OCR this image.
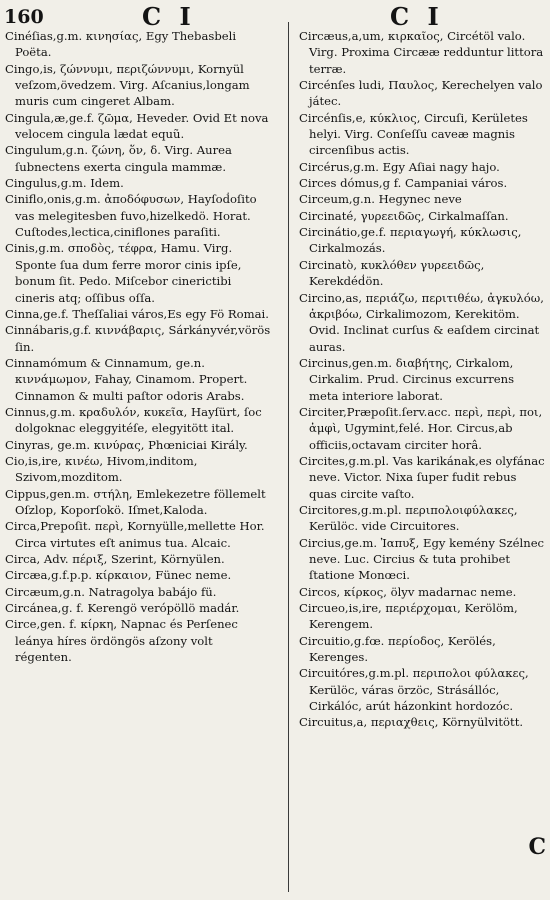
160	C I	C I
Cinéſias,g.m. κινησίας, Egy Thebasbeli Poëta.
Cingo,is, ζώννυμι, περιζώννυμι, Kornyül veſzom,övedzem. Virg. Aſcanius,longam muris cum cingeret Albam.
Cingula,æ,ge.f. ζῶμα, Heveder. Ovid Et nova velocem cingula lædat equũ.
Cingulum,g.n. ζώνη, ὅν, δ. Virg. Aurea ſubnectens exerta cingula mammæ.
Cingulus,g.m. Idem.
Ciniflo,onis,g.m. ἀποδόφυσων, Hayſoḋoſito vas melegitesben fuvo,hizelkedö. Horat. Cuſtodes,lectica,ciniflones paraſiti.
Cinis,g.m. σποδὸς, τέφρα, Hamu. Virg. Sponte ſua dum ferre moror cinis ipſe, bonum ſit. Pedo. Miſcebor cinerictibi cineris atq; oſſibus oſſa.
Cinna,ge.f. Theſſaliai város,Es egy Fö Romai.
Cinnábaris,g.f. κιννάβαρις, Sárkányvér,vörös ſin.
Cinnamómum & Cinnamum, ge.n. κιννάμωμον, Fahay, Cinamom. Propert. Cinnamon & multi paſtor odoris Arabs.
Cinnus,g.m. κραδυλόν, κυκεῖα, Hayſürt, ſoc dolgoknac eleggyitéſe, elegyitött ital.
Cinyras, ge.m. κινύρας, Phœniciai Király.
Cio,is,ire, κινέω, Hivom,inditom, Szivom,mozditom.
Cippus,gen.m. στήλη, Emlekezetre föllemelt Oſzlop, Koporſokö. Iſmet,Kaloda.
Circa,Prepoſit. περὶ, Kornyülle,mellette Hor. Circa virtutes eſt animus tua. Alcaic.
Circa, Adv. πέριξ, Szerint, Környülen.
Circæa,g.f.p.p. κίρκαιον, Fünec neme.
Circæum,g.n. Natragolya babájo fü.
Circánea,g. f. Kerengö verópöllö madár.
Circe,gen. f. κίρκη, Napnac és Perſenec leánya híres ördöngös aſzony volt régenten.
Circæus,a,um, κιρκαῖος, Circétöl valo. Virg. Proxima Circææ redduntur littora terræ.
Circénſes ludi, Παυλος, Kerechelyen valo játec.
Circénſis,e, κύκλιος, Circuſi, Kerületes helyi. Virg. Conſeſſu caveæ magnis circenſibus actis.
Circérus,g.m. Egy Aſiai nagy hajo.
Circes dómus,g f. Campaniai város.
Circeum,g.n. Hegynec neve
Circinaté, γυρεειδῶς, Cirkalmaſſan.
Circinátio,ge.f. περιαγωγή, κύκλωσις, Cirkalmozás.
Circinatò, κυκλόθεν γυρεειδῶς, Kerekdéḋön.
Circino,as, περιάζω, περιτιθέω, ἀγκυλόω, ἀκριβόω, Cirkalimozom, Kerekitöm. Ovid. Inclinat curſus & eaſdem circinat auras.
Circinus,gen.m. διαβήτης, Cirkalom, Cirkalim. Prud. Circinus excurrens meta interiore laborat.
Circiter,Præpoſit.ſerv.acc. περὶ, περὶ, ποι, ἀμφὶ, Ugymint,felé. Hor. Circus,ab officiis,octavam circiter horâ.
Circites,g.m.pl. Vas karikának,es olyfánac neve. Victor. Nixa ſuper fudit rebus quas circite vaſto.
Circitores,g.m.pl. περιπολοιφύλακες, Kerülöc. vide Circuitores.
Circius,ge.m. Ἰαπυξ, Egy kemény Szélnec neve. Luc. Circius & tuta prohibet ſtatione Monœci.
Circos, κίρκος, ölyv madarnac neme.
Circueo,is,ire, περιέρχομαι, Kerölöm, Kerengem.
Circuitio,g.fœ. περίοδος, Kerölés, Kerenges.
Circuitóres,g.m.pl. περιπολοι φύλακες, Kerülöc, váras örzöc, Strásállóc, Cirkálóc, arút házonkint hordozóc.
Circuitus,a, περιαχθεις, Környülvitött.
C
